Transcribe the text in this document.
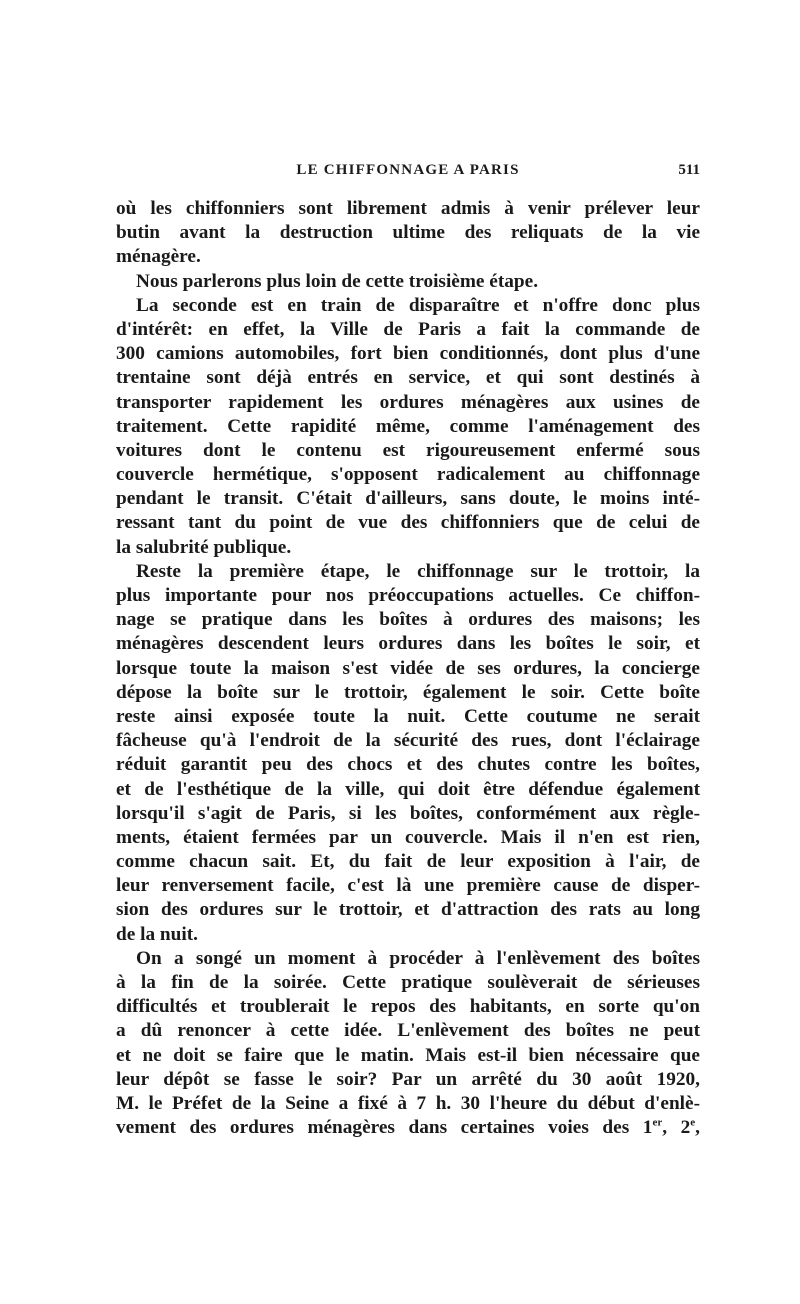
LE CHIFFONNAGE A PARIS	511
où les chiffonniers sont librement admis à venir prélever leur
butin avant la destruction ultime des reliquats de la vie
ménagère.
Nous parlerons plus loin de cette troisième étape.
La seconde est en train de disparaître et n'offre donc plus
d'intérêt: en effet, la Ville de Paris a fait la commande de
300 camions automobiles, fort bien conditionnés, dont plus d'une
trentaine sont déjà entrés en service, et qui sont destinés à
transporter rapidement les ordures ménagères aux usines de
traitement. Cette rapidité même, comme l'aménagement des
voitures dont le contenu est rigoureusement enfermé sous
couvercle hermétique, s'opposent radicalement au chiffonnage
pendant le transit. C'était d'ailleurs, sans doute, le moins inté-
ressant tant du point de vue des chiffonniers que de celui de
la salubrité publique.
Reste la première étape, le chiffonnage sur le trottoir, la
plus importante pour nos préoccupations actuelles. Ce chiffon-
nage se pratique dans les boîtes à ordures des maisons; les
ménagères descendent leurs ordures dans les boîtes le soir, et
lorsque toute la maison s'est vidée de ses ordures, la concierge
dépose la boîte sur le trottoir, également le soir. Cette boîte
reste ainsi exposée toute la nuit. Cette coutume ne serait
fâcheuse qu'à l'endroit de la sécurité des rues, dont l'éclairage
réduit garantit peu des chocs et des chutes contre les boîtes,
et de l'esthétique de la ville, qui doit être défendue également
lorsqu'il s'agit de Paris, si les boîtes, conformément aux règle-
ments, étaient fermées par un couvercle. Mais il n'en est rien,
comme chacun sait. Et, du fait de leur exposition à l'air, de
leur renversement facile, c'est là une première cause de disper-
sion des ordures sur le trottoir, et d'attraction des rats au long
de la nuit.
On a songé un moment à procéder à l'enlèvement des boîtes
à la fin de la soirée. Cette pratique soulèverait de sérieuses
difficultés et troublerait le repos des habitants, en sorte qu'on
a dû renoncer à cette idée. L'enlèvement des boîtes ne peut
et ne doit se faire que le matin. Mais est-il bien nécessaire que
leur dépôt se fasse le soir? Par un arrêté du 30 août 1920,
M. le Préfet de la Seine a fixé à 7 h. 30 l'heure du début d'enlè-
vement des ordures ménagères dans certaines voies des 1er, 2e,
